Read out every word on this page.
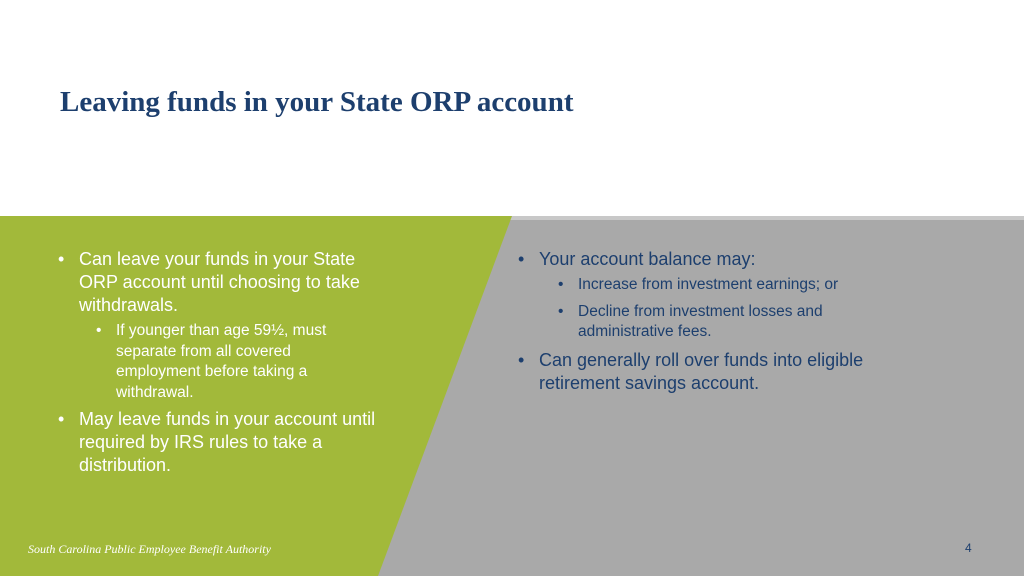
Leaving funds in your State ORP account
• Can leave your funds in your State ORP account until choosing to take withdrawals.
• If younger than age 59½, must separate from all covered employment before taking a withdrawal.
• May leave funds in your account until required by IRS rules to take a distribution.
• Your account balance may:
• Increase from investment earnings; or
• Decline from investment losses and administrative fees.
• Can generally roll over funds into eligible retirement savings account.
South Carolina Public Employee Benefit Authority	4
